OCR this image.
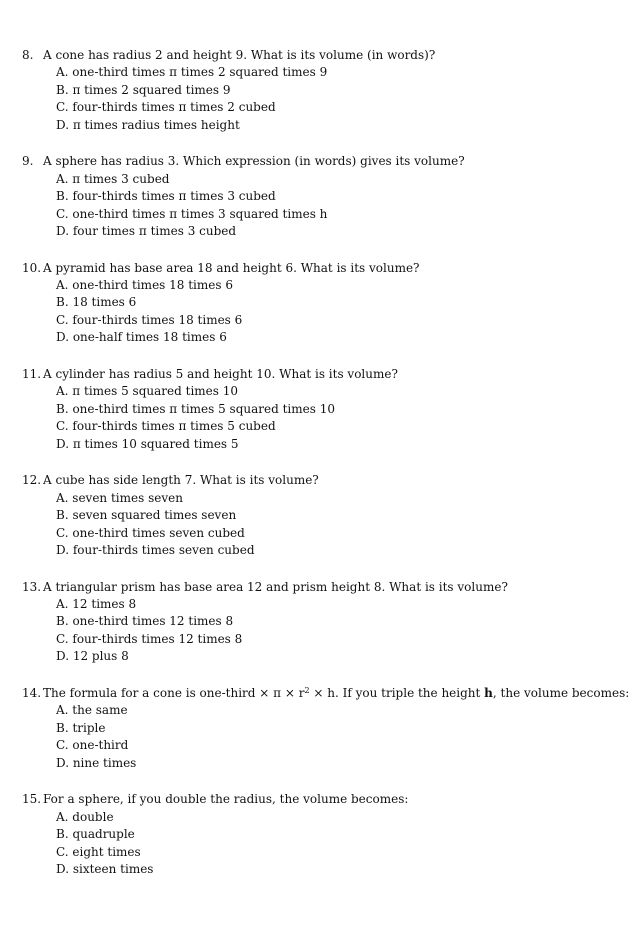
8. A cone has radius 2 and height 9. What is its volume (in words)?
A. one-third times π times 2 squared times 9
B. π times 2 squared times 9
C. four-thirds times π times 2 cubed
D. π times radius times height
9. A sphere has radius 3. Which expression (in words) gives its volume?
A. π times 3 cubed
B. four-thirds times π times 3 cubed
C. one-third times π times 3 squared times h
D. four times π times 3 cubed
10. A pyramid has base area 18 and height 6. What is its volume?
A. one-third times 18 times 6
B. 18 times 6
C. four-thirds times 18 times 6
D. one-half times 18 times 6
11. A cylinder has radius 5 and height 10. What is its volume?
A. π times 5 squared times 10
B. one-third times π times 5 squared times 10
C. four-thirds times π times 5 cubed
D. π times 10 squared times 5
12. A cube has side length 7. What is its volume?
A. seven times seven
B. seven squared times seven
C. one-third times seven cubed
D. four-thirds times seven cubed
13. A triangular prism has base area 12 and prism height 8. What is its volume?
A. 12 times 8
B. one-third times 12 times 8
C. four-thirds times 12 times 8
D. 12 plus 8
14. The formula for a cone is one-third × $\pi \times r^2 \times h$. If you triple the height h, the volume becomes:
A. the same
B. triple
C. one-third
D. nine times
15. For a sphere, if you double the radius, the volume becomes:
A. double
B. quadruple
C. eight times
D. sixteen times
